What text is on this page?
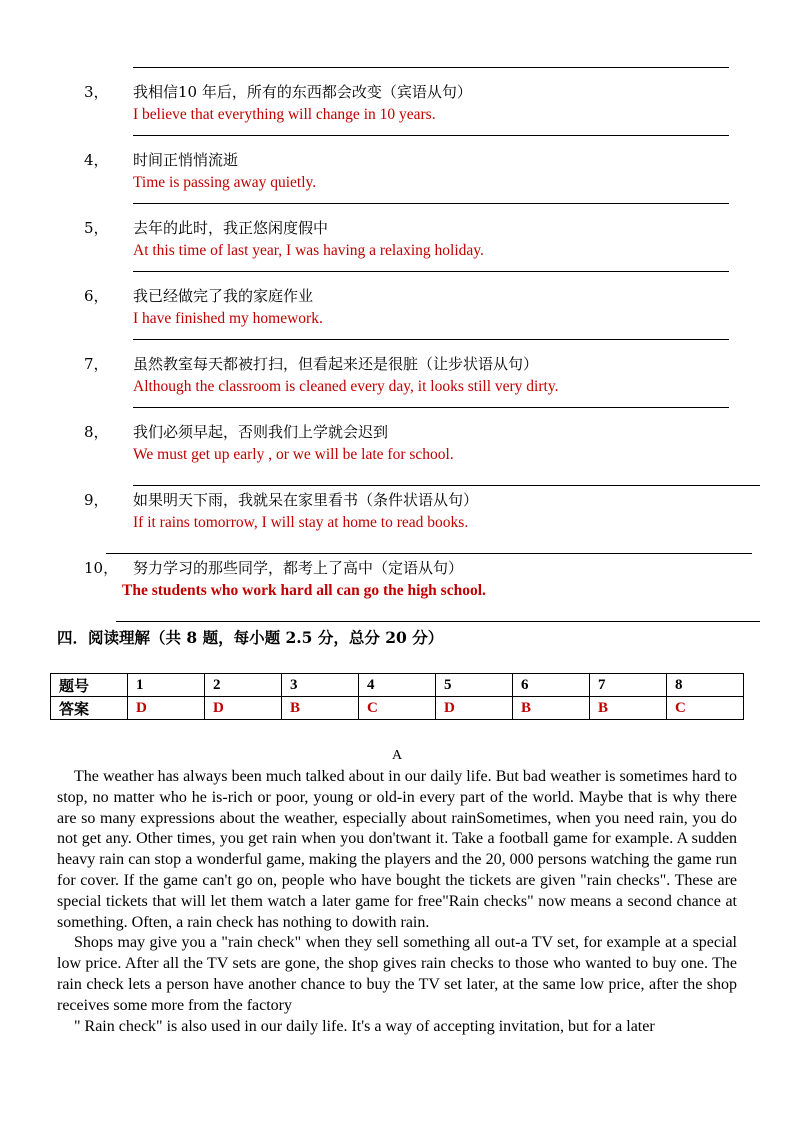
3， 我相信10 年后，所有的东西都会改变（宾语从句）
I believe that everything will change in 10 years.
4， 时间正悄悄流逝
Time is passing away quietly.
5， 去年的此时，我正悠闲度假中
At this time of last year, I was having a relaxing holiday.
6， 我已经做完了我的家庭作业
I have finished my homework.
7， 虽然教室每天都被打扫，但看起来还是很脏（让步状语从句）
Although the classroom is cleaned every day, it looks still very dirty.
8， 我们必须早起，否则我们上学就会迟到
We must get up early , or we will be late for school.
9， 如果明天下雨，我就呆在家里看书（条件状语从句）
If it rains tomorrow, I will stay at home to read books.
10， 努力学习的那些同学，都考上了高中（定语从句）
The students who work hard all can go the high school.
四．阅读理解（共 8 题，每小题 2.5 分，总分 20 分）
题号	1	2	3	4	5	6	7	8
答案	D	D	B	C	D	B	B	C
A

The weather has always been much talked about in our daily life. But bad weather is sometimes hard to stop, no matter who he is-rich or poor, young or old-in every part of the world. Maybe that is why there are so many expressions about the weather, especially about rainSometimes, when you need rain, you do not get any. Other times, you get rain when you don'twant it. Take a football game for example. A sudden heavy rain can stop a wonderful game, making the players and the 20, 000 persons watching the game run for cover. If the game can't go on, people who have bought the tickets are given "rain checks". These are special tickets that will let them watch a later game for free"Rain checks" now means a second chance at something. Often, a rain check has nothing to dowith rain.

Shops may give you a "rain check" when they sell something all out-a TV set, for example at a special low price. After all the TV sets are gone, the shop gives rain checks to those who wanted to buy one. The rain check lets a person have another chance to buy the TV set later, at the same low price, after the shop receives some more from the factory

" Rain check" is also used in our daily life. It's a way of accepting invitation, but for a later
